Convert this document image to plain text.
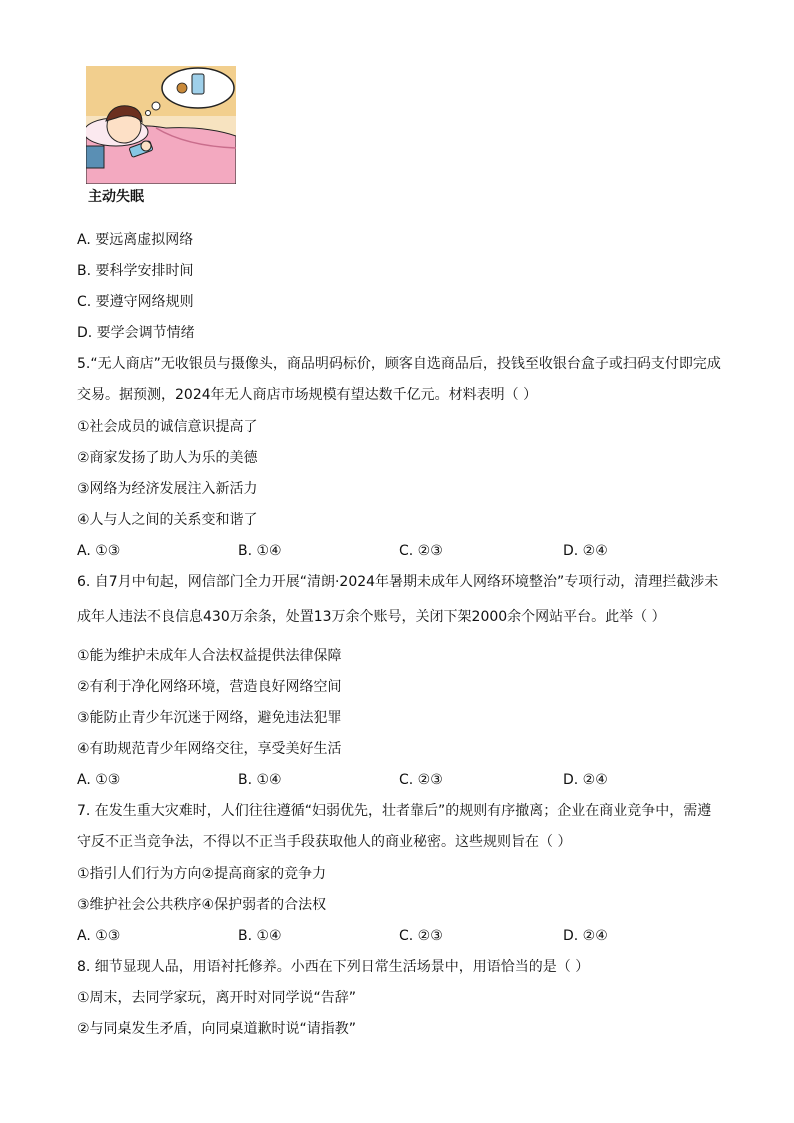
主动失眠
A. 要远离虚拟网络
B. 要科学安排时间
C. 要遵守网络规则
D. 要学会调节情绪
5.“无人商店”无收银员与摄像头，商品明码标价，顾客自选商品后，投钱至收银台盒子或扫码支付即完成
交易。据预测，2024年无人商店市场规模有望达数千亿元。材料表明（ ）
①社会成员的诚信意识提高了
②商家发扬了助人为乐的美德
③网络为经济发展注入新活力
④人与人之间的关系变和谐了
A. ①③	B. ①④	C. ②③	D. ②④
6. 自7月中旬起，网信部门全力开展“清朗·2024年暑期未成年人网络环境整治”专项行动，清理拦截涉未
成年人违法不良信息430万余条，处置13万余个账号，关闭下架2000余个网站平台。此举（ ）
①能为维护未成年人合法权益提供法律保障
②有利于净化网络环境，营造良好网络空间
③能防止青少年沉迷于网络，避免违法犯罪
④有助规范青少年网络交往，享受美好生活
A. ①③	B. ①④	C. ②③	D. ②④
7. 在发生重大灾难时，人们往往遵循“妇弱优先，壮者靠后”的规则有序撤离；企业在商业竞争中，需遵
守反不正当竞争法，不得以不正当手段获取他人的商业秘密。这些规则旨在（ ）
①指引人们行为方向②提高商家的竞争力
③维护社会公共秩序④保护弱者的合法权
A. ①③	B. ①④	C. ②③	D. ②④
8. 细节显现人品，用语衬托修养。小西在下列日常生活场景中，用语恰当的是（ ）
①周末，去同学家玩，离开时对同学说“告辞”
②与同桌发生矛盾，向同桌道歉时说“请指教”
